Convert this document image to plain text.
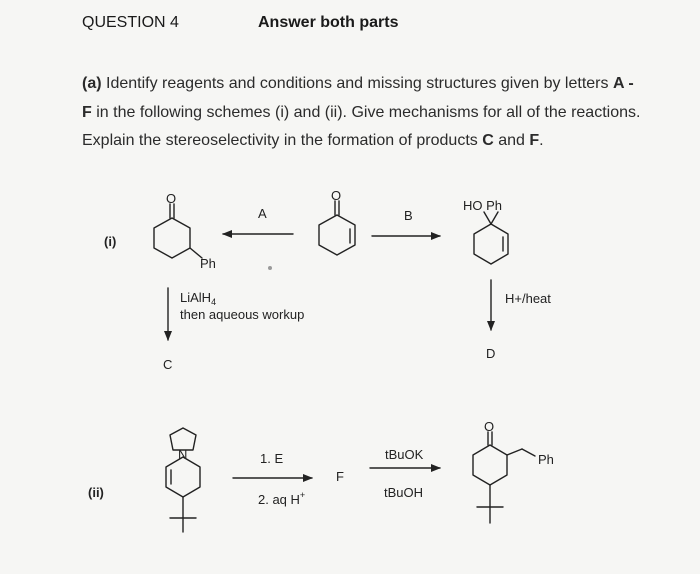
QUESTION 4	Answer both parts
(a) Identify reagents and conditions and missing structures given by letters A - F in the following schemes (i) and (ii). Give mechanisms for all of the reactions. Explain the stereoselectivity in the formation of products C and F.
(i)
O	O
Ph
A	B
HO Ph
LiAlH$_4$
then aqueous workup
C
H+/heat
D
(ii)
N	1. E
2. aq H+
F
tBuOK
tBuOH
O
Ph
